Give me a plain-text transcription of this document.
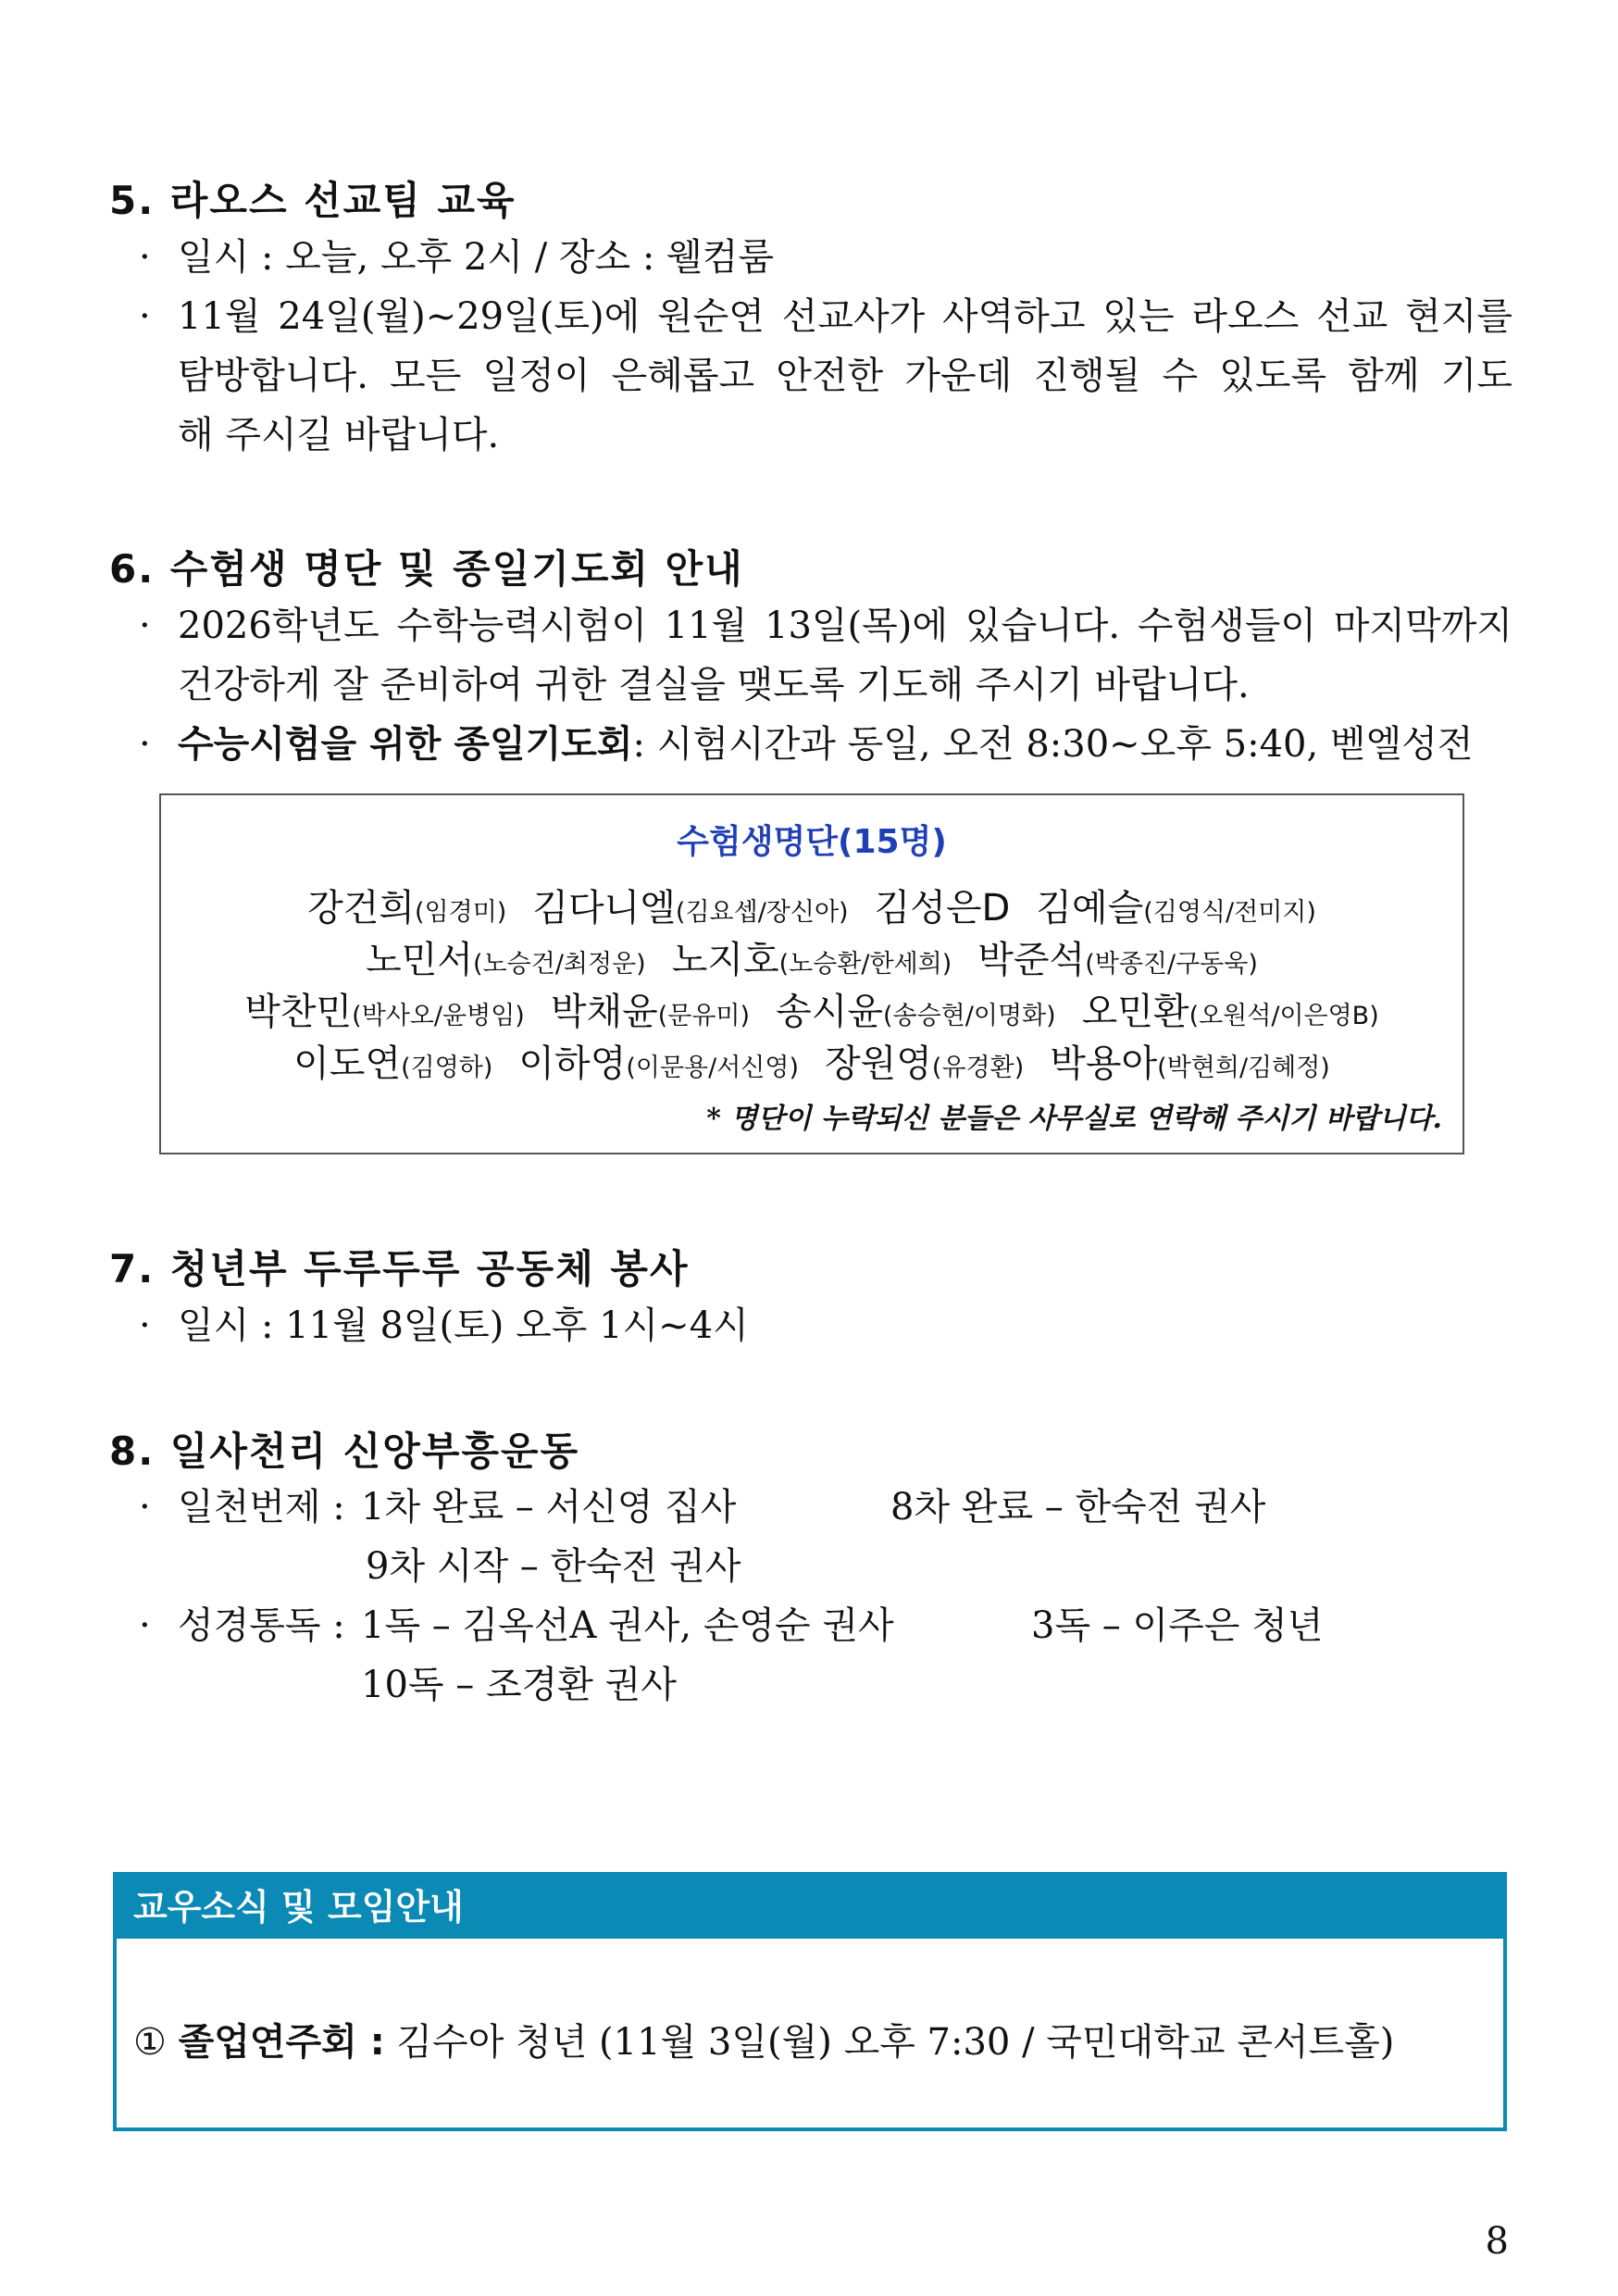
5. 라오스 선교팀 교육
· 일시 : 오늘, 오후 2시 / 장소 : 웰컴룸
· 11월 24일(월)~29일(토)에 원순연 선교사가 사역하고 있는 라오스 선교 현지를
탐방합니다. 모든 일정이 은혜롭고 안전한 가운데 진행될 수 있도록 함께 기도
해 주시길 바랍니다.
6. 수험생 명단 및 종일기도회 안내
· 2026학년도 수학능력시험이 11월 13일(목)에 있습니다. 수험생들이 마지막까지
건강하게 잘 준비하여 귀한 결실을 맺도록 기도해 주시기 바랍니다.
· 수능시험을 위한 종일기도회: 시험시간과 동일, 오전 8:30~오후 5:40, 벧엘성전
수험생명단(15명)
강건희(임경미) 김다니엘(김요셉/장신아) 김성은D 김예슬(김영식/전미지)
노민서(노승건/최정운) 노지호(노승환/한세희) 박준석(박종진/구동욱)
박찬민(박사오/윤병임) 박채윤(문유미) 송시윤(송승현/이명화) 오민환(오원석/이은영B)
이도연(김영하) 이하영(이문용/서신영) 장원영(유경환) 박용아(박현희/김혜정)
* 명단이 누락되신 분들은 사무실로 연락해 주시기 바랍니다.
7. 청년부 두루두루 공동체 봉사
· 일시 : 11월 8일(토) 오후 1시~4시
8. 일사천리 신앙부흥운동
· 일천번제 : 1차 완료 – 서신영 집사	8차 완료 – 한숙전 권사
9차 시작 – 한숙전 권사
· 성경통독 : 1독 – 김옥선A 권사, 손영순 권사	3독 – 이주은 청년
10독 – 조경환 권사
교우소식 및 모임안내
① 졸업연주회 : 김수아 청년 (11월 3일(월) 오후 7:30 / 국민대학교 콘서트홀)
8
